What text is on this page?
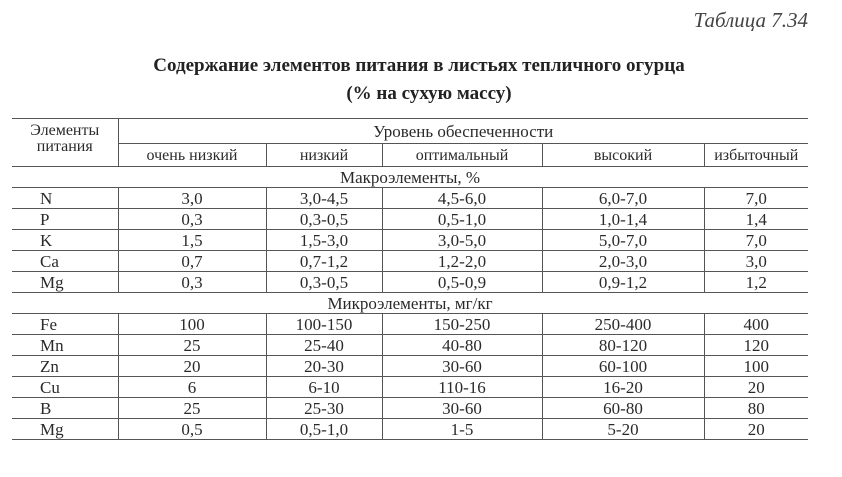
Таблица 7.34
Содержание элементов питания в листьях тепличного огурца
(% на сухую массу)
Элементы
питания	Уровень обеспеченности				
	очень низкий	низкий	оптимальный	высокий	избыточный
Макроэлементы, %					
N	3,0	3,0-4,5	4,5-6,0	6,0-7,0	7,0
P	0,3	0,3-0,5	0,5-1,0	1,0-1,4	1,4
K	1,5	1,5-3,0	3,0-5,0	5,0-7,0	7,0
Ca	0,7	0,7-1,2	1,2-2,0	2,0-3,0	3,0
Mg	0,3	0,3-0,5	0,5-0,9	0,9-1,2	1,2
Микроэлементы, мг/кг					
Fe	100	100-150	150-250	250-400	400
Mn	25	25-40	40-80	80-120	120
Zn	20	20-30	30-60	60-100	100
Cu	6	6-10	110-16	16-20	20
B	25	25-30	30-60	60-80	80
Mg	0,5	0,5-1,0	1-5	5-20	20
